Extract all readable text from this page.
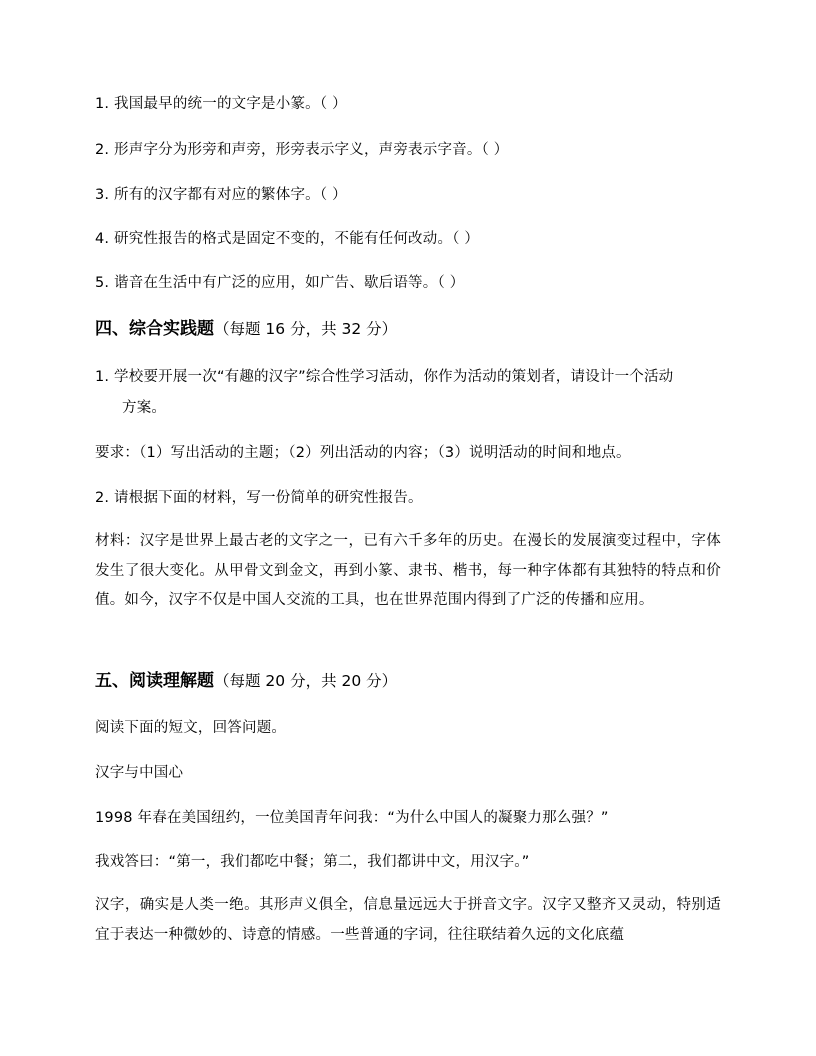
1. 我国最早的统一的文字是小篆。（ ）
2. 形声字分为形旁和声旁，形旁表示字义，声旁表示字音。（ ）
3. 所有的汉字都有对应的繁体字。（ ）
4. 研究性报告的格式是固定不变的，不能有任何改动。（ ）
5. 谐音在生活中有广泛的应用，如广告、歇后语等。（ ）
四、综合实践题（每题 16 分，共 32 分）
1. 学校要开展一次“有趣的汉字”综合性学习活动，你作为活动的策划者，请设计一个活动
方案。
要求：（1）写出活动的主题；（2）列出活动的内容；（3）说明活动的时间和地点。
2. 请根据下面的材料，写一份简单的研究性报告。
材料：汉字是世界上最古老的文字之一，已有六千多年的历史。在漫长的发展演变过程中，字体发生了很大变化。从甲骨文到金文，再到小篆、隶书、楷书，每一种字体都有其独特的特点和价值。如今，汉字不仅是中国人交流的工具，也在世界范围内得到了广泛的传播和应用。
五、阅读理解题（每题 20 分，共 20 分）
阅读下面的短文，回答问题。
汉字与中国心
1998 年春在美国纽约，一位美国青年问我：“为什么中国人的凝聚力那么强？”
我戏答曰：“第一，我们都吃中餐；第二，我们都讲中文，用汉字。”
汉字，确实是人类一绝。其形声义俱全，信息量远远大于拼音文字。汉字又整齐又灵动，特别适宜于表达一种微妙的、诗意的情感。一些普通的字词，往往联结着久远的文化底蕴
